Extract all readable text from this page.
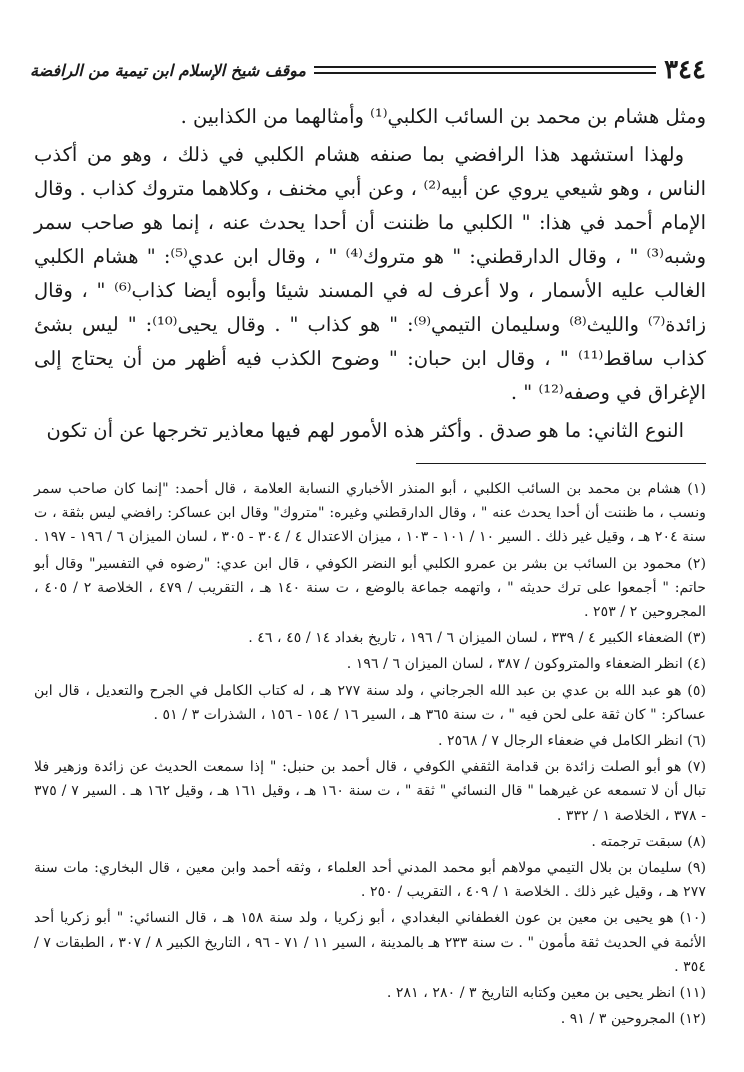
٣٤٤
موقف شيخ الإسلام ابن تيمية من الرافضة

ومثل هشام بن محمد بن السائب الكلبي⁽¹⁾ وأمثالهما من الكذابين .

ولهذا استشهد هذا الرافضي بما صنفه هشام الكلبي في ذلك ، وهو من أكذب الناس ، وهو شيعي يروي عن أبيه⁽²⁾ ، وعن أبي مخنف ، وكلاهما متروك كذاب . وقال الإمام أحمد في هذا: " الكلبي ما ظننت أن أحدا يحدث عنه ، إنما هو صاحب سمر وشبه⁽³⁾ " ، وقال الدارقطني: " هو متروك⁽⁴⁾ " ، وقال ابن عدي⁽⁵⁾: " هشام الكلبي الغالب عليه الأسمار ، ولا أعرف له في المسند شيئا وأبوه أيضا كذاب⁽⁶⁾ " ، وقال زائدة⁽⁷⁾ والليث⁽⁸⁾ وسليمان التيمي⁽⁹⁾: " هو كذاب " . وقال يحيى⁽¹⁰⁾: " ليس بشئ كذاب ساقط⁽¹¹⁾ " ، وقال ابن حبان: " وضوح الكذب فيه أظهر من أن يحتاج إلى الإغراق في وصفه⁽¹²⁾ " .

النوع الثاني: ما هو صدق . وأكثر هذه الأمور لهم فيها معاذير تخرجها عن أن تكون

(١) هشام بن محمد بن السائب الكلبي ، أبو المنذر الأخباري النسابة العلامة ، قال أحمد: "إنما كان صاحب سمر ونسب ، ما ظننت أن أحدا يحدث عنه " ، وقال الدارقطني وغيره: "متروك" وقال ابن عساكر: رافضي ليس بثقة ، ت سنة ٢٠٤ هـ ، وقيل غير ذلك . السير ١٠ / ١٠١ - ١٠٣ ، ميزان الاعتدال ٤ / ٣٠٤ - ٣٠٥ ، لسان الميزان ٦ / ١٩٦ - ١٩٧ .

(٢) محمود بن السائب بن بشر بن عمرو الكلبي أبو النضر الكوفي ، قال ابن عدي: "رضوه في التفسير" وقال أبو حاتم: " أجمعوا على ترك حديثه " ، واتهمه جماعة بالوضع ، ت سنة ١٤٠ هـ ، التقريب / ٤٧٩ ، الخلاصة ٢ / ٤٠٥ ، المجروحين ٢ / ٢٥٣ .

(٣) الضعفاء الكبير ٤ / ٣٣٩ ، لسان الميزان ٦ / ١٩٦ ، تاريخ بغداد ١٤ / ٤٥ ، ٤٦ .

(٤) انظر الضعفاء والمتروكون / ٣٨٧ ، لسان الميزان ٦ / ١٩٦ .

(٥) هو عبد الله بن عدي بن عبد الله الجرجاني ، ولد سنة ٢٧٧ هـ ، له كتاب الكامل في الجرح والتعديل ، قال ابن عساكر: " كان ثقة على لحن فيه " ، ت سنة ٣٦٥ هـ ، السير ١٦ / ١٥٤ - ١٥٦ ، الشذرات ٣ / ٥١ .

(٦) انظر الكامل في ضعفاء الرجال ٧ / ٢٥٦٨ .

(٧) هو أبو الصلت زائدة بن قدامة الثقفي الكوفي ، قال أحمد بن حنبل: " إذا سمعت الحديث عن زائدة وزهير فلا تبال أن لا تسمعه عن غيرهما " قال النسائي " ثقة " ، ت سنة ١٦٠ هـ ، وقيل ١٦١ هـ ، وقيل ١٦٢ هـ . السير ٧ / ٣٧٥ - ٣٧٨ ، الخلاصة ١ / ٣٣٢ .

(٨) سبقت ترجمته .

(٩) سليمان بن بلال التيمي مولاهم أبو محمد المدني أحد العلماء ، وثقه أحمد وابن معين ، قال البخاري: مات سنة ٢٧٧ هـ ، وقيل غير ذلك . الخلاصة ١ / ٤٠٩ ، التقريب / ٢٥٠ .

(١٠) هو يحيى بن معين بن عون الغطفاني البغدادي ، أبو زكريا ، ولد سنة ١٥٨ هـ ، قال النسائي: " أبو زكريا أحد الأئمة في الحديث ثقة مأمون " . ت سنة ٢٣٣ هـ بالمدينة ، السير ١١ / ٧١ - ٩٦ ، التاريخ الكبير ٨ / ٣٠٧ ، الطبقات ٧ / ٣٥٤ .

(١١) انظر يحيى بن معين وكتابه التاريخ ٣ / ٢٨٠ ، ٢٨١ .

(١٢) المجروحين ٣ / ٩١ .
